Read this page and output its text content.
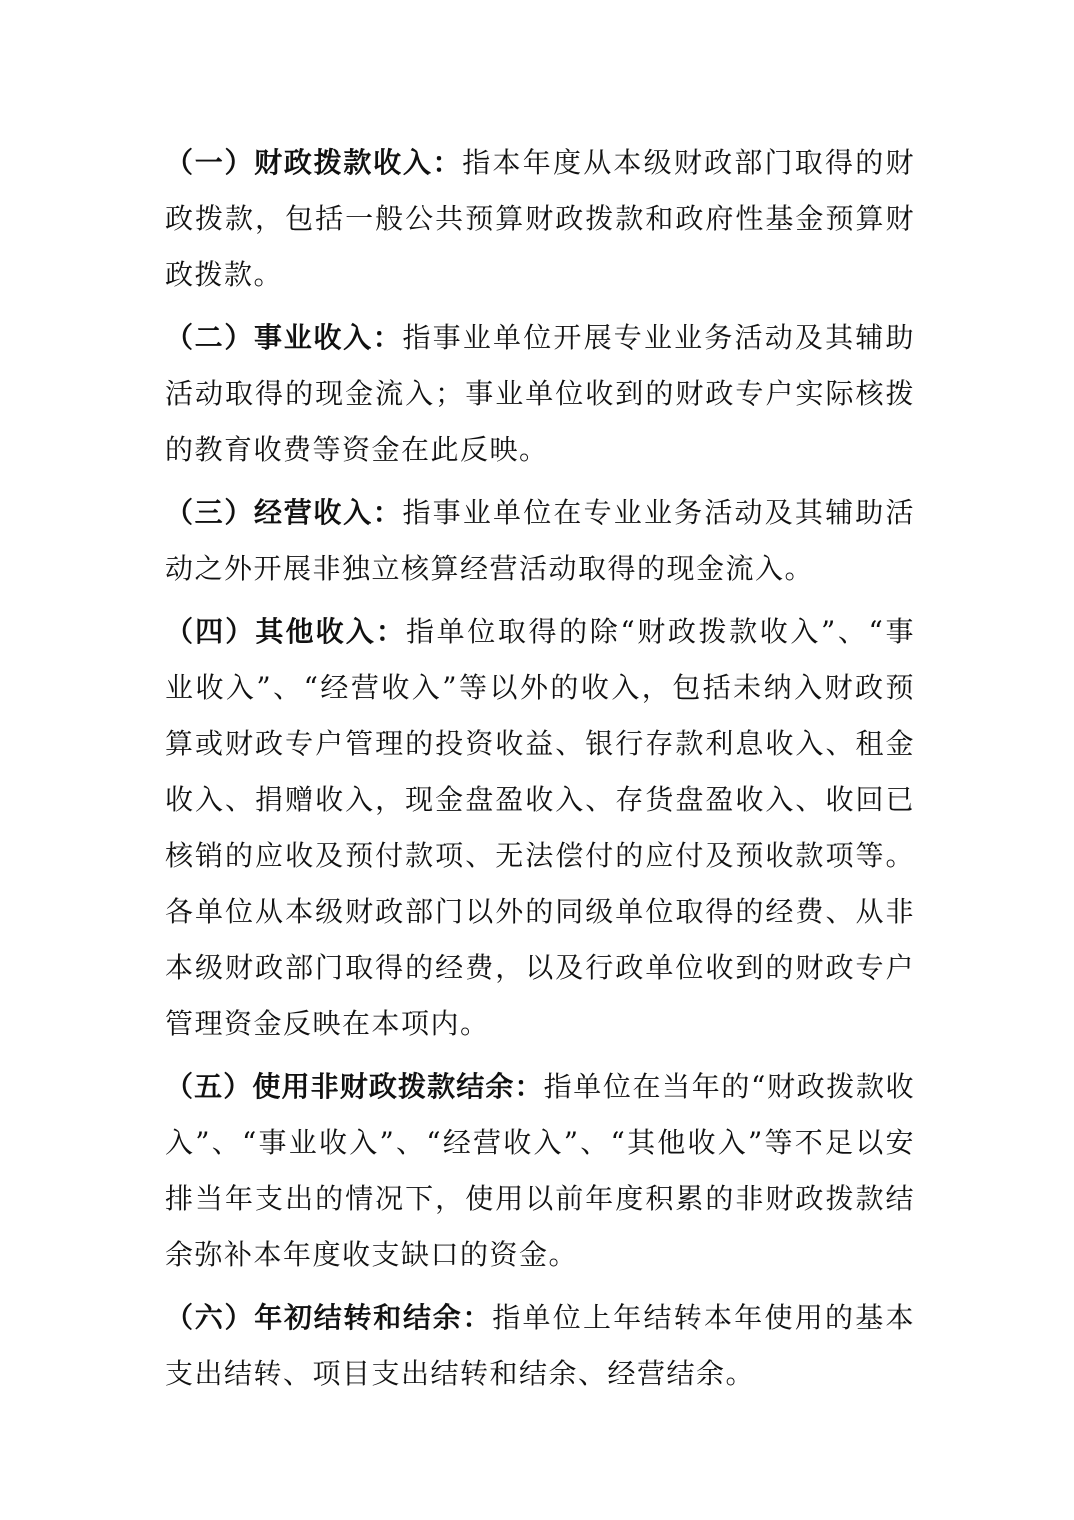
（一）财政拨款收入：指本年度从本级财政部门取得的财政拨款，包括一般公共预算财政拨款和政府性基金预算财政拨款。

（二）事业收入：指事业单位开展专业业务活动及其辅助活动取得的现金流入；事业单位收到的财政专户实际核拨的教育收费等资金在此反映。

（三）经营收入：指事业单位在专业业务活动及其辅助活动之外开展非独立核算经营活动取得的现金流入。

（四）其他收入：指单位取得的除“财政拨款收入”、“事业收入”、“经营收入”等以外的收入，包括未纳入财政预算或财政专户管理的投资收益、银行存款利息收入、租金收入、捐赠收入，现金盘盈收入、存货盘盈收入、收回已核销的应收及预付款项、无法偿付的应付及预收款项等。各单位从本级财政部门以外的同级单位取得的经费、从非本级财政部门取得的经费，以及行政单位收到的财政专户管理资金反映在本项内。

（五）使用非财政拨款结余：指单位在当年的“财政拨款收入”、“事业收入”、“经营收入”、“其他收入”等不足以安排当年支出的情况下，使用以前年度积累的非财政拨款结余弥补本年度收支缺口的资金。

（六）年初结转和结余：指单位上年结转本年使用的基本支出结转、项目支出结转和结余、经营结余。
